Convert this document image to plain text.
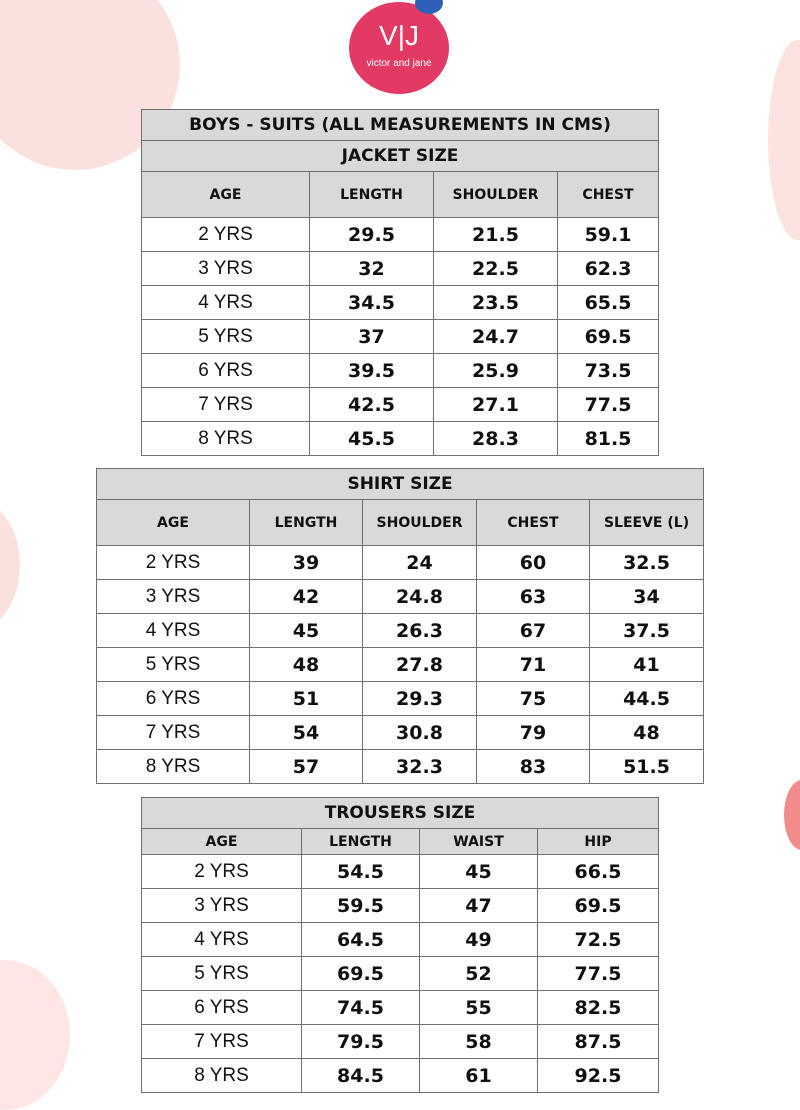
V|J
victor and jane
BOYS - SUITS (ALL MEASUREMENTS IN CMS)			
JACKET SIZE			
AGE	LENGTH	SHOULDER	CHEST
2 YRS	29.5	21.5	59.1
3 YRS	32	22.5	62.3
4 YRS	34.5	23.5	65.5
5 YRS	37	24.7	69.5
6 YRS	39.5	25.9	73.5
7 YRS	42.5	27.1	77.5
8 YRS	45.5	28.3	81.5
SHIRT SIZE				
AGE	LENGTH	SHOULDER	CHEST	SLEEVE (L)
2 YRS	39	24	60	32.5
3 YRS	42	24.8	63	34
4 YRS	45	26.3	67	37.5
5 YRS	48	27.8	71	41
6 YRS	51	29.3	75	44.5
7 YRS	54	30.8	79	48
8 YRS	57	32.3	83	51.5
TROUSERS SIZE			
AGE	LENGTH	WAIST	HIP
2 YRS	54.5	45	66.5
3 YRS	59.5	47	69.5
4 YRS	64.5	49	72.5
5 YRS	69.5	52	77.5
6 YRS	74.5	55	82.5
7 YRS	79.5	58	87.5
8 YRS	84.5	61	92.5
